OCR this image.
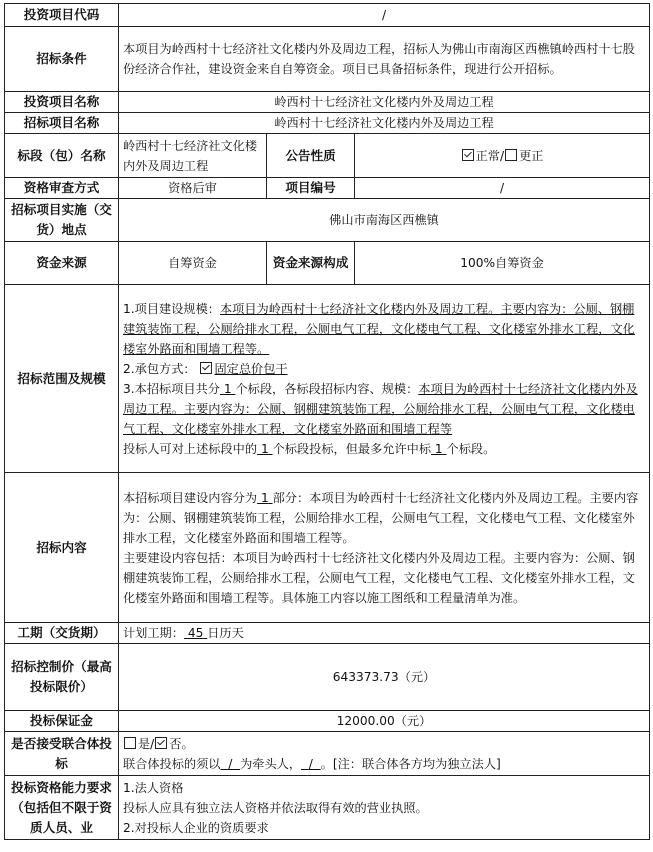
投资项目代码	/		
招标条件	本项目为岭西村十七经济社文化楼内外及周边工程，招标人为佛山市南海区西樵镇岭西村十七股份经济合作社，建设资金来自自筹资金。项目已具备招标条件，现进行公开招标。		
投资项目名称	岭西村十七经济社文化楼内外及周边工程		
招标项目名称	岭西村十七经济社文化楼内外及周边工程		
标段（包）名称	岭西村十七经济社文化楼内外及周边工程	公告性质	正常/ 更正
资格审查方式	资格后审	项目编号	/
招标项目实施（交货）地点	佛山市南海区西樵镇		
资金来源	自筹资金	资金来源构成	100%自筹资金
招标范围及规模	1.项目建设规模：本项目为岭西村十七经济社文化楼内外及周边工程。主要内容为：公厕、钢棚建筑装饰工程，公厕给排水工程，公厕电气工程，文化楼电气工程、文化楼室外排水工程，文化楼室外路面和围墙工程等。

2.承包方式： 固定总价包干

3.本招标项目共分 1 个标段，各标段招标内容、规模：本项目为岭西村十七经济社文化楼内外及周边工程。主要内容为：公厕、钢棚建筑装饰工程，公厕给排水工程，公厕电气工程，文化楼电气工程、文化楼室外排水工程，文化楼室外路面和围墙工程等

投标人可对上述标段中的 1 个标段投标，但最多允许中标 1 个标段。		

招标内容	本招标项目建设内容分为 1 部分：本项目为岭西村十七经济社文化楼内外及周边工程。主要内容为：公厕、钢棚建筑装饰工程，公厕给排水工程，公厕电气工程，文化楼电气工程、文化楼室外排水工程，文化楼室外路面和围墙工程等。

主要建设内容包括：本项目为岭西村十七经济社文化楼内外及周边工程。主要内容为：公厕、钢棚建筑装饰工程，公厕给排水工程，公厕电气工程，文化楼电气工程、文化楼室外排水工程，文化楼室外路面和围墙工程等。具体施工内容以施工图纸和工程量清单为准。		

工期（交货期）	计划工期： 45 日历天		
招标控制价（最高投标限价）	643373.73（元）		
投标保证金	12000.00（元）		
是否接受联合体投标	是/ 否。

联合体投标的须以 / 为牵头人， / 。[注：联合体各方均为独立法人]		

投标资格能力要求（包括但不限于资质人员、业	1.法人资格

投标人应具有独立法人资格并依法取得有效的营业执照。

2.对投标人企业的资质要求		
